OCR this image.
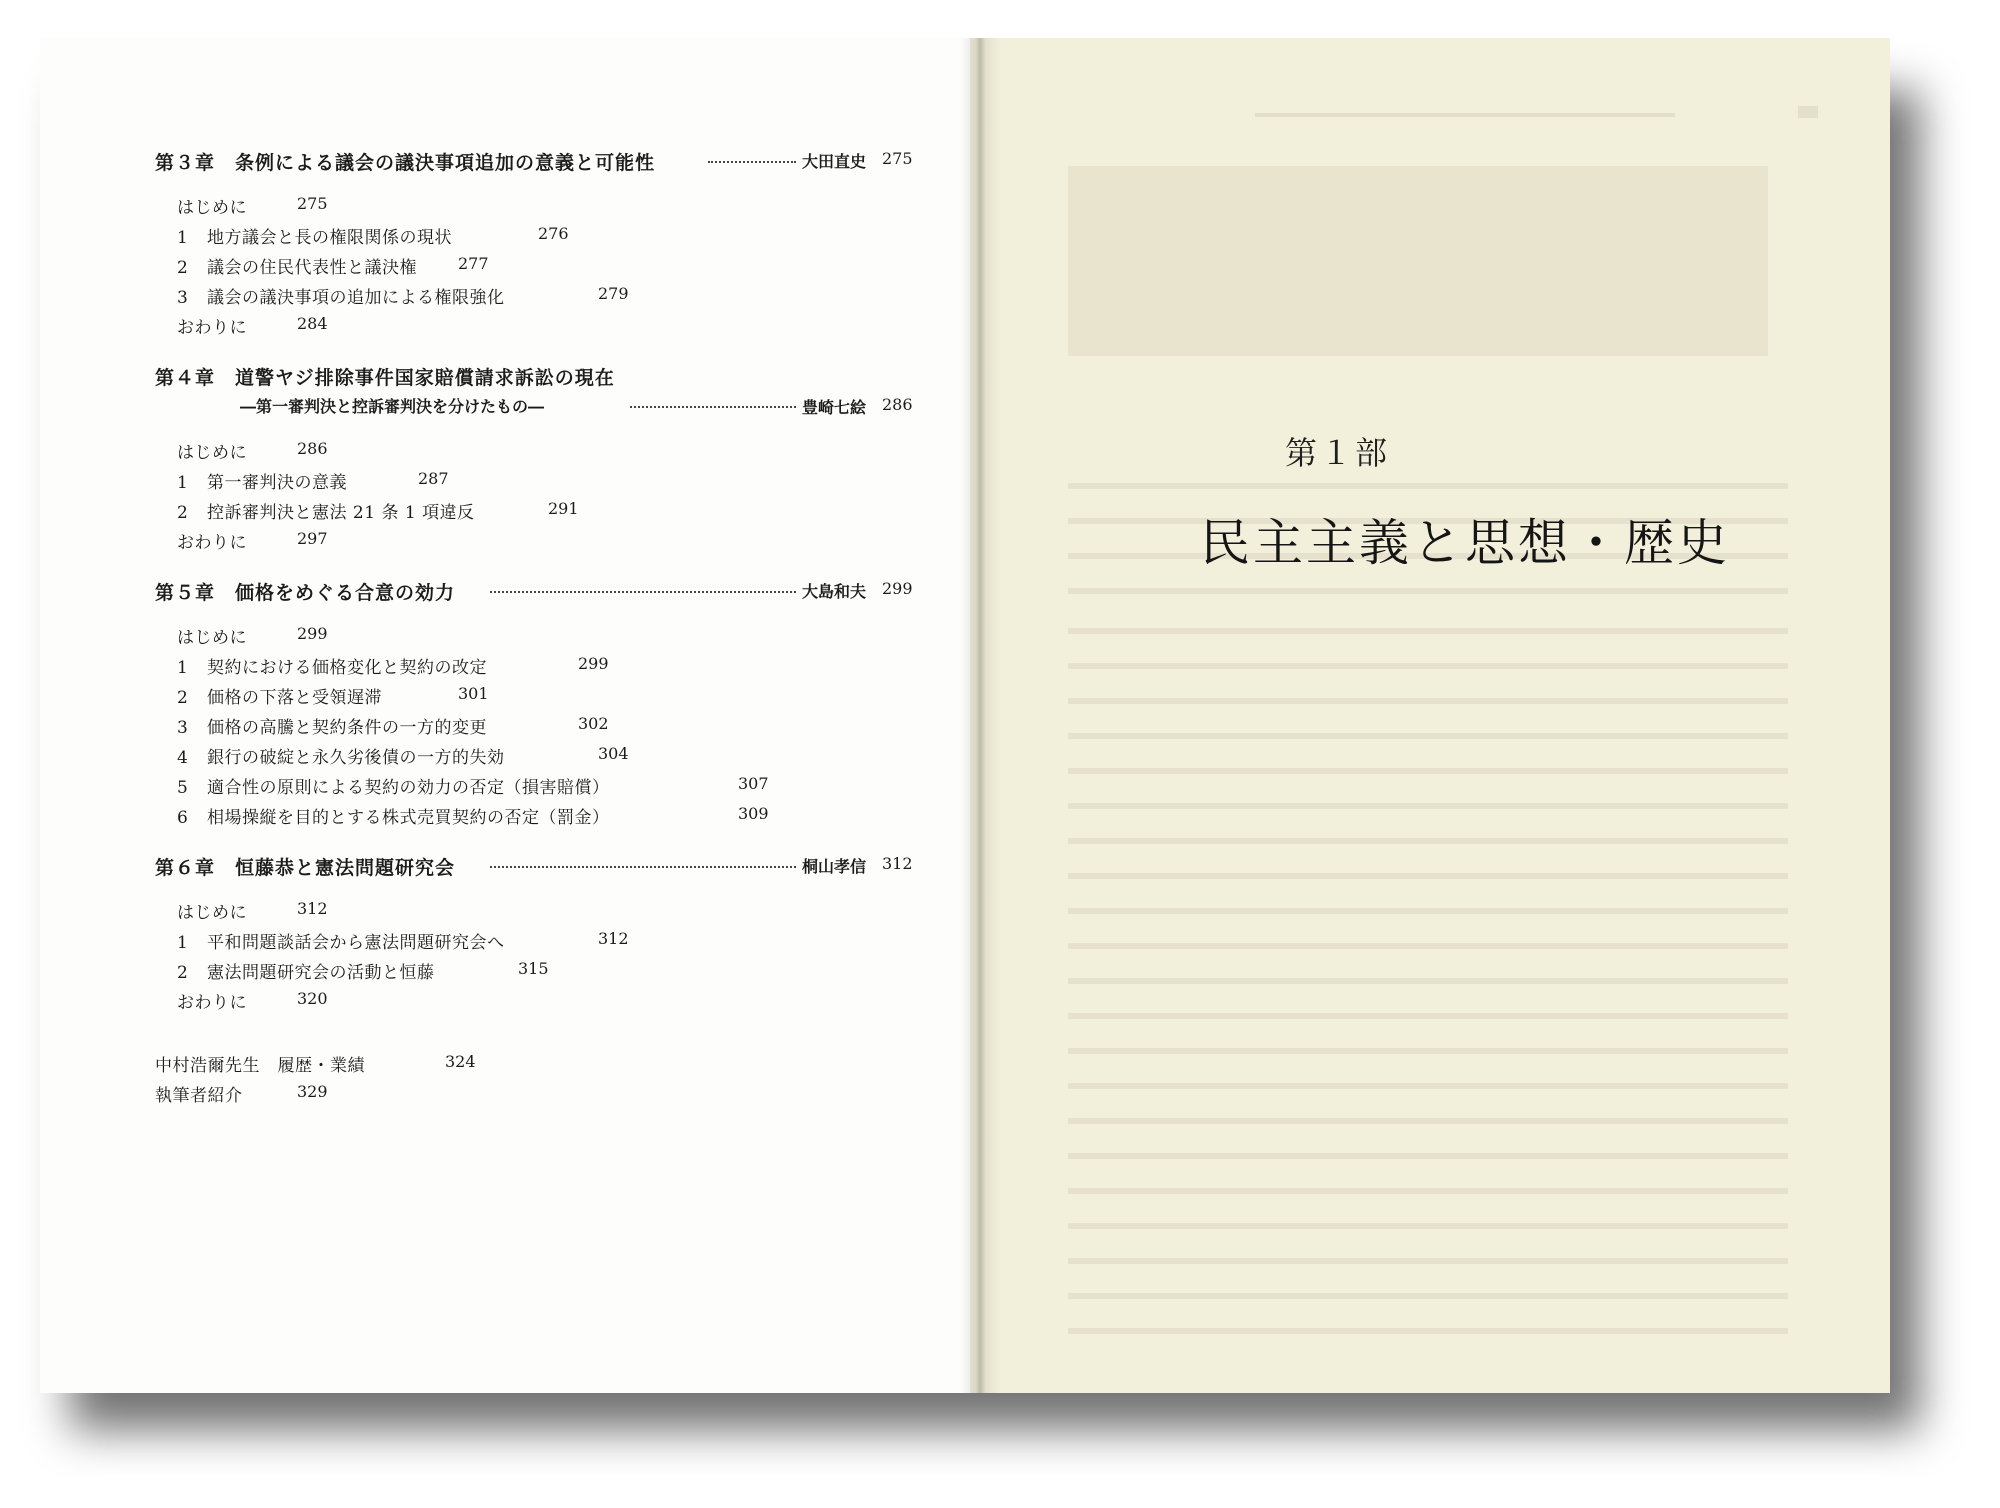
第３章　条例による議会の議決事項追加の意義と可能性	大田直史 275
はじめに	275
1 地方議会と長の権限関係の現状	276
2 議会の住民代表性と議決権	277
3 議会の議決事項の追加による権限強化	279
おわりに	284
第４章　道警ヤジ排除事件国家賠償請求訴訟の現在
―第一審判決と控訴審判決を分けたもの―	豊崎七絵 286
はじめに	286
1 第一審判決の意義	287
2 控訴審判決と憲法 21 条 1 項違反	291
おわりに	297
第５章　価格をめぐる合意の効力	大島和夫 299
はじめに	299
1 契約における価格変化と契約の改定	299
2 価格の下落と受領遅滞	301
3 価格の高騰と契約条件の一方的変更	302
4 銀行の破綻と永久劣後債の一方的失効	304
5 適合性の原則による契約の効力の否定（損害賠償）	307
6 相場操縦を目的とする株式売買契約の否定（罰金）	309
第６章　恒藤恭と憲法問題研究会	桐山孝信 312
はじめに	312
1 平和問題談話会から憲法問題研究会へ	312
2 憲法問題研究会の活動と恒藤	315
おわりに	320
中村浩爾先生　履歴・業績	324
執筆者紹介	329
第１部
民主主義と思想・歴史
